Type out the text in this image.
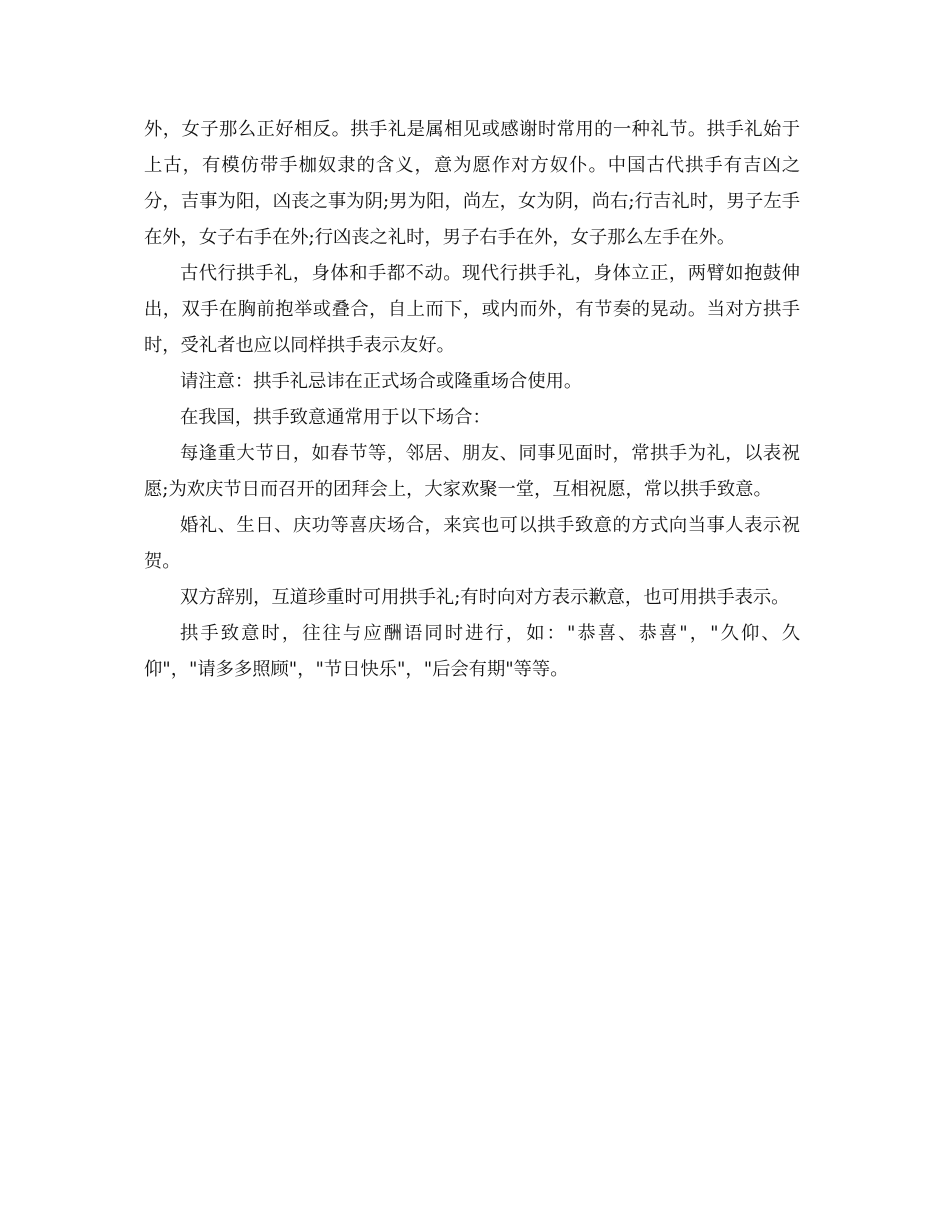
外，女子那么正好相反。拱手礼是属相见或感谢时常用的一种礼节。拱手礼始于上古，有模仿带手枷奴隶的含义，意为愿作对方奴仆。中国古代拱手有吉凶之分，吉事为阳，凶丧之事为阴;男为阳，尚左，女为阴，尚右;行吉礼时，男子左手在外，女子右手在外;行凶丧之礼时，男子右手在外，女子那么左手在外。

古代行拱手礼，身体和手都不动。现代行拱手礼，身体立正，两臂如抱鼓伸出，双手在胸前抱举或叠合，自上而下，或内而外，有节奏的晃动。当对方拱手时，受礼者也应以同样拱手表示友好。

请注意：拱手礼忌讳在正式场合或隆重场合使用。

在我国，拱手致意通常用于以下场合：

每逢重大节日，如春节等，邻居、朋友、同事见面时，常拱手为礼，以表祝愿;为欢庆节日而召开的团拜会上，大家欢聚一堂，互相祝愿，常以拱手致意。

婚礼、生日、庆功等喜庆场合，来宾也可以拱手致意的方式向当事人表示祝贺。

双方辞别，互道珍重时可用拱手礼;有时向对方表示歉意，也可用拱手表示。

拱手致意时，往往与应酬语同时进行，如："恭喜、恭喜"，"久仰、久仰"，"请多多照顾"，"节日快乐"，"后会有期"等等。
